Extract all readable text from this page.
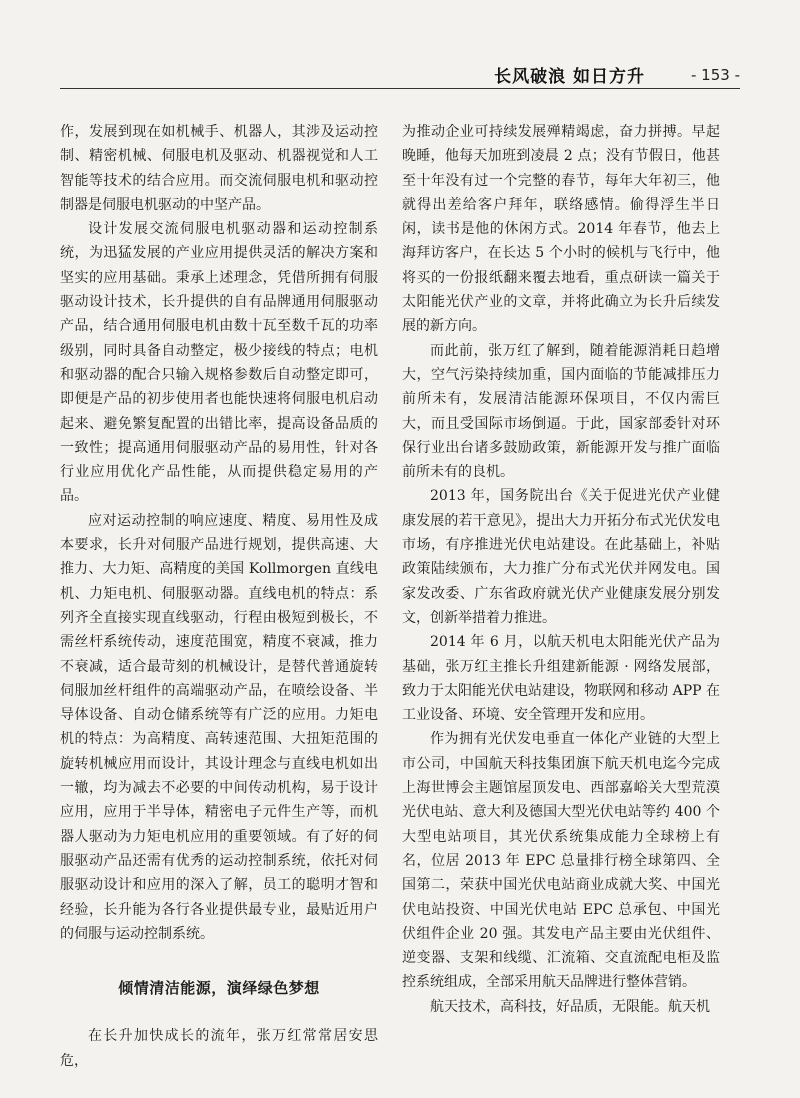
长风破浪 如日方升	- 153 -

作，发展到现在如机械手、机器人，其涉及运动控制、精密机械、伺服电机及驱动、机器视觉和人工智能等技术的结合应用。而交流伺服电机和驱动控制器是伺服电机驱动的中坚产品。

设计发展交流伺服电机驱动器和运动控制系统，为迅猛发展的产业应用提供灵活的解决方案和坚实的应用基础。秉承上述理念，凭借所拥有伺服驱动设计技术，长升提供的自有品牌通用伺服驱动产品，结合通用伺服电机由数十瓦至数千瓦的功率级别，同时具备自动整定，极少接线的特点；电机和驱动器的配合只输入规格参数后自动整定即可，即便是产品的初步使用者也能快速将伺服电机启动起来、避免繁复配置的出错比率，提高设备品质的一致性；提高通用伺服驱动产品的易用性，针对各行业应用优化产品性能，从而提供稳定易用的产品。

应对运动控制的响应速度、精度、易用性及成本要求，长升对伺服产品进行规划，提供高速、大推力、大力矩、高精度的美国 Kollmorgen 直线电机、力矩电机、伺服驱动器。直线电机的特点：系列齐全直接实现直线驱动，行程由极短到极长，不需丝杆系统传动，速度范围宽，精度不衰减，推力不衰减，适合最苛刻的机械设计，是替代普通旋转伺服加丝杆组件的高端驱动产品，在喷绘设备、半导体设备、自动仓储系统等有广泛的应用。力矩电机的特点：为高精度、高转速范围、大扭矩范围的旋转机械应用而设计，其设计理念与直线电机如出一辙，均为减去不必要的中间传动机构，易于设计应用，应用于半导体，精密电子元件生产等，而机器人驱动为力矩电机应用的重要领域。有了好的伺服驱动产品还需有优秀的运动控制系统，依托对伺服驱动设计和应用的深入了解，员工的聪明才智和经验，长升能为各行各业提供最专业，最贴近用户的伺服与运动控制系统。

倾情清洁能源，演绎绿色梦想

在长升加快成长的流年，张万红常常居安思危，

为推动企业可持续发展殚精竭虑，奋力拼搏。早起晚睡，他每天加班到凌晨 2 点；没有节假日，他甚至十年没有过一个完整的春节，每年大年初三，他就得出差给客户拜年，联络感情。偷得浮生半日闲，读书是他的休闲方式。2014 年春节，他去上海拜访客户，在长达 5 个小时的候机与飞行中，他将买的一份报纸翻来覆去地看，重点研读一篇关于太阳能光伏产业的文章，并将此确立为长升后续发展的新方向。

而此前，张万红了解到，随着能源消耗日趋增大，空气污染持续加重，国内面临的节能减排压力前所未有，发展清洁能源环保项目，不仅内需巨大，而且受国际市场倒逼。于此，国家部委针对环保行业出台诸多鼓励政策，新能源开发与推广面临前所未有的良机。

2013 年，国务院出台《关于促进光伏产业健康发展的若干意见》，提出大力开拓分布式光伏发电市场，有序推进光伏电站建设。在此基础上，补贴政策陆续颁布，大力推广分布式光伏并网发电。国家发改委、广东省政府就光伏产业健康发展分别发文，创新举措着力推进。

2014 年 6 月，以航天机电太阳能光伏产品为基础，张万红主推长升组建新能源 · 网络发展部，致力于太阳能光伏电站建设，物联网和移动 APP 在工业设备、环境、安全管理开发和应用。

作为拥有光伏发电垂直一体化产业链的大型上市公司，中国航天科技集团旗下航天机电迄今完成上海世博会主题馆屋顶发电、西部嘉峪关大型荒漠光伏电站、意大利及德国大型光伏电站等约 400 个大型电站项目，其光伏系统集成能力全球榜上有名，位居 2013 年 EPC 总量排行榜全球第四、全国第二，荣获中国光伏电站商业成就大奖、中国光伏电站投资、中国光伏电站 EPC 总承包、中国光伏组件企业 20 强。其发电产品主要由光伏组件、逆变器、支架和线缆、汇流箱、交直流配电柜及监控系统组成，全部采用航天品牌进行整体营销。

航天技术，高科技，好品质，无限能。航天机
